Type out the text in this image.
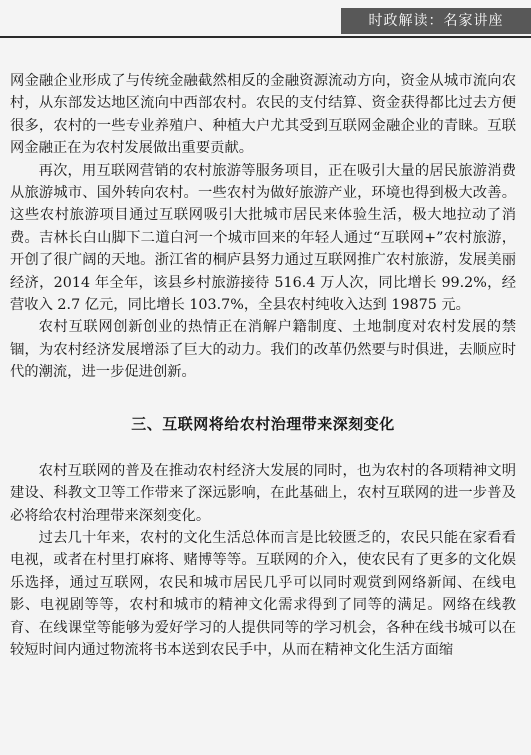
时政解读：名家讲座

网金融企业形成了与传统金融截然相反的金融资源流动方向，资金从城市流向农村，从东部发达地区流向中西部农村。农民的支付结算、资金获得都比过去方便很多，农村的一些专业养殖户、种植大户尤其受到互联网金融企业的青睐。互联网金融正在为农村发展做出重要贡献。

再次，用互联网营销的农村旅游等服务项目，正在吸引大量的居民旅游消费从旅游城市、国外转向农村。一些农村为做好旅游产业，环境也得到极大改善。这些农村旅游项目通过互联网吸引大批城市居民来体验生活，极大地拉动了消费。吉林长白山脚下二道白河一个城市回来的年轻人通过“互联网+”农村旅游，开创了很广阔的天地。浙江省的桐庐县努力通过互联网推广农村旅游，发展美丽经济，2014 年全年，该县乡村旅游接待 516.4 万人次，同比增长 99.2%，经营收入 2.7 亿元，同比增长 103.7%，全县农村纯收入达到 19875 元。

农村互联网创新创业的热情正在消解户籍制度、土地制度对农村发展的禁锢，为农村经济发展增添了巨大的动力。我们的改革仍然要与时俱进，去顺应时代的潮流，进一步促进创新。

三、互联网将给农村治理带来深刻变化

农村互联网的普及在推动农村经济大发展的同时，也为农村的各项精神文明建设、科教文卫等工作带来了深远影响，在此基础上，农村互联网的进一步普及必将给农村治理带来深刻变化。

过去几十年来，农村的文化生活总体而言是比较匮乏的，农民只能在家看看电视，或者在村里打麻将、赌博等等。互联网的介入，使农民有了更多的文化娱乐选择，通过互联网，农民和城市居民几乎可以同时观赏到网络新闻、在线电影、电视剧等等，农村和城市的精神文化需求得到了同等的满足。网络在线教育、在线课堂等能够为爱好学习的人提供同等的学习机会，各种在线书城可以在较短时间内通过物流将书本送到农民手中，从而在精神文化生活方面缩
